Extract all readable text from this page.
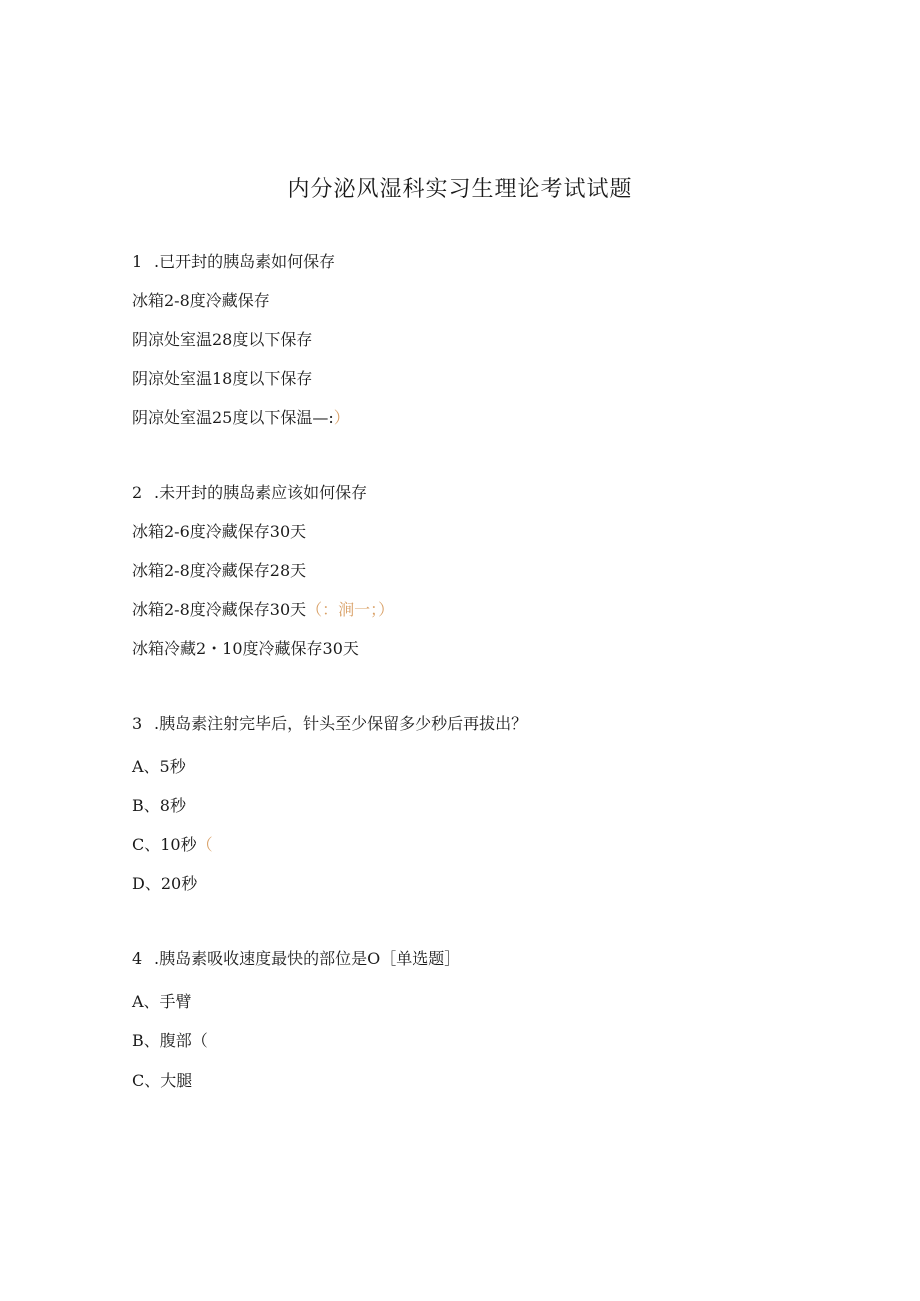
内分泌风湿科实习生理论考试试题
1 .已开封的胰岛素如何保存
冰箱2-8度冷藏保存
阴凉处室温28度以下保存
阴凉处室温18度以下保存
阴凉处室温25度以下保温—:）
2 .未开封的胰岛素应该如何保存
冰箱2-6度冷藏保存30天
冰箱2-8度冷藏保存28天
冰箱2-8度冷藏保存30天（：涧一；）
冰箱冷藏2・10度冷藏保存30天
3 .胰岛素注射完毕后，针头至少保留多少秒后再拔出？
A、5秒
B、8秒
C、10秒（
D、20秒
4 .胰岛素吸收速度最快的部位是O［单选题］
A、手臂
B、腹部（
C、大腿
